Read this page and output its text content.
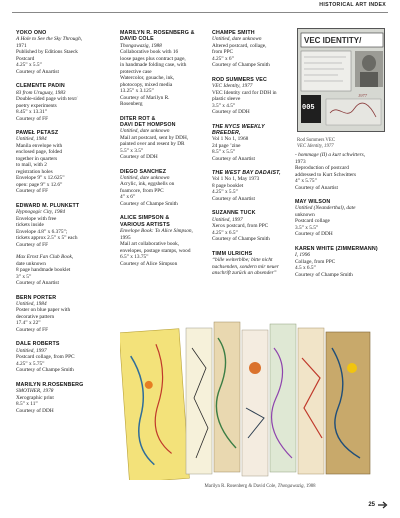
HISTORICAL ART INDEX
YOKO ONO
A Hole to See the Sky Through,
1971
Published by Editions Staeck
Postcard
4.25” x 5.5”
Courtesy of Anartist
CLEMENTE PADIN
83 from Uruguay, 1983
Double-sided page with text/
poetry experiments
8.45” x 13.31”
Courtesy of FF
PAWEŁ PETASZ
Untitled, 1984
Manila envelope with
enclosed page, folded
together in quarters
to mail, with 2
registration holes
Envelope 9” x 12.625”
open: page 9” x 12.6”
Courtesy of FF
EDWARD M. PLUNKETT
Hypnogogic City, 1984
Envelope with free
tickets inside
Envelope 4.8” x 6.375”;
tickets approx 2.5” x 5” each
Courtesy of FF
Max Ernst Fan Club Book,
date unknown
8 page handmade booklet
3” x 5”
Courtesy of Anartist
BERN PORTER
Untitled, 1984
Poster on blue paper with
decorative pattern
17.4” x 22”
Courtesy of FF
DALE ROBERTS
Untitled, 1997
Postcard collage, from PPC
4.25” x 5.75”
Courtesy of Champe Smith
MARILYN R.ROSENBERG
SMOTHER, 1978
Xerographic print
8.5” x 11”
Courtesy of DDH
MARILYN R. ROSENBERG &
DAVID COLE
Thongawazig, 1988
Collaborative book with 16
loose pages plus contract page,
in handmade folding case, with
protective case
Watercolor, gouache, ink,
photocopy, mixed media
13.25” x 3.125”
Courtesy of Marilyn R.
Rosenberg
DITER ROT &
DAVI DET HOMPSON
Untitled, date unknown
Mail art postcard, sent by DDH,
painted over and resent by DR
5.5” x 3.5”
Courtesy of DDH
DIEGO SANCHEZ
Untitled, date unknown
Acrylic, ink, eggshells on
foamcore, from PPC
4” x 6”
Courtesy of Champe Smith
ALICE SIMPSON &
VARIOUS ARTISTS
Envelope Book: To Alice Simpson,
1995
Mail art collaborative book,
envelopes, postage stamps, wood
6.5” x 13.75”
Courtesy of Alice Simpson
CHAMPE SMITH
Untitled, date unknown
Altered postcard, collage,
from PPC
4.25” x 6”
Courtesy of Champe Smith
ROD SUMMERS VEC
VEC Identity, 1977
VEC Identity card for DDH in
plastic sleeve
3.5” x 4.5”
Courtesy of DDH
THE NYCS WEEKLY BREEDER,
Vol 1 No 1, 1968
24 page ’zine
8.5” x 5.5”
Courtesy of Anartist
THE WEST BAY DADAIST,
Vol 1 No 1, May 1973
8 page booklet
4.25” x 5.5”
Courtesy of Anartist
SUZANNE TUCK
Untitled, 1997
Xerox postcard, from PPC
4.25” x 6.5”
Courtesy of Champe Smith
TIMM ULRICHS
“bille weiterblbe; bitte nicht
nachsenden, sondern mir neuer
anschrift zurück an absender”
VEC IDENTITY/
1977
005
Rod Summers VEC
VEC Identity, 1977
- hommage (II) a kurt schwitters,
1973
Reproduction of postcard
addressed to Kurt Schwitters
4” x 5.75”
Courtesy of Anartist
MAY WILSON
Untitled (Neanderthal), date
unknown
Postcard collage
3.5” x 5.5”
Courtesy of DDH
KAREN WHITE (ZIMMERMANN)
I, 1996
Collage, from PPC
4.5 x 6.5”
Courtesy of Champe Smith
Marilyn R. Rosenberg & David Cole, Thongawazig, 1988
25
